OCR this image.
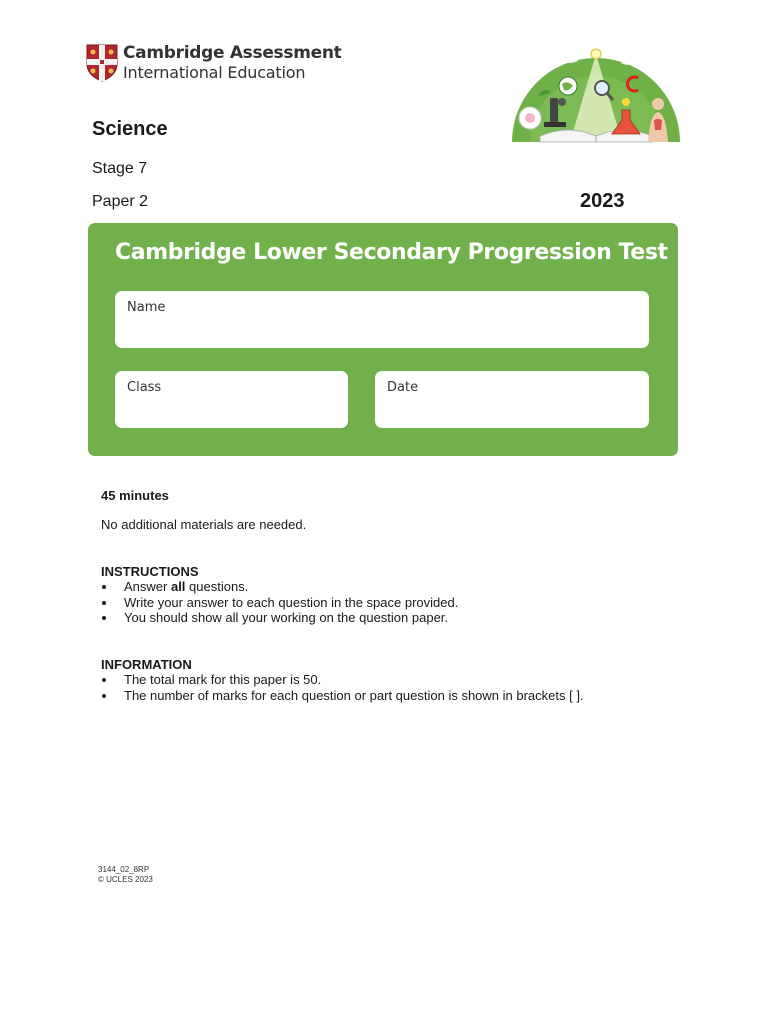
Cambridge Assessment
International Education
Science
Stage 7
Paper 2	2023
Cambridge Lower Secondary Progression Test
Name
Class	Date
45 minutes
No additional materials are needed.
INSTRUCTIONS
Answer all questions.
Write your answer to each question in the space provided.
You should show all your working on the question paper.
INFORMATION
The total mark for this paper is 50.
The number of marks for each question or part question is shown in brackets [ ].
3144_02_8RP
© UCLES 2023
